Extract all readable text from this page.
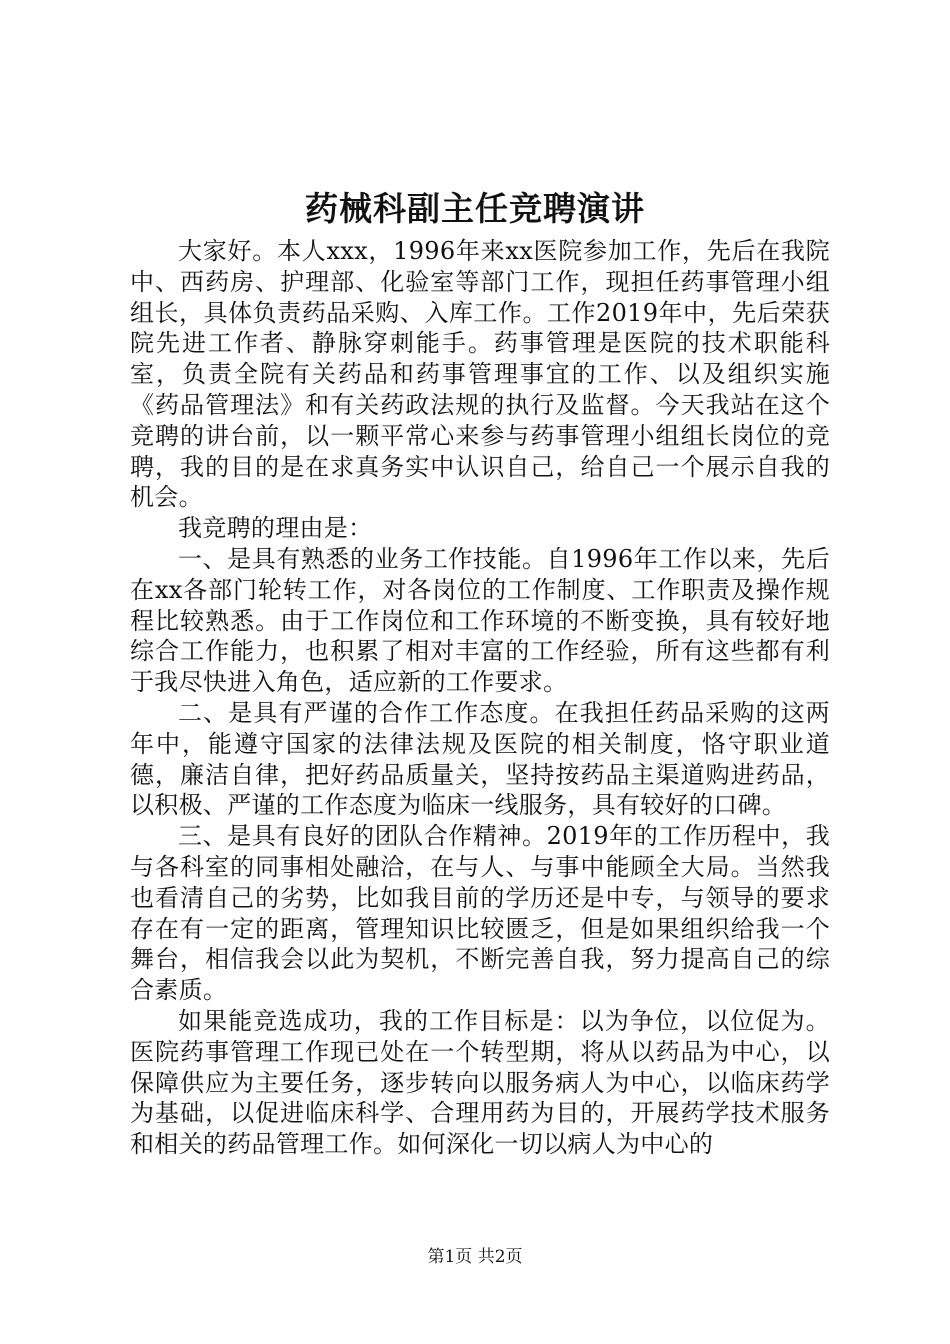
药械科副主任竞聘演讲

大家好。本人xxx，1996年来xx医院参加工作，先后在我院中、西药房、护理部、化验室等部门工作，现担任药事管理小组组长，具体负责药品采购、入库工作。工作2019年中，先后荣获院先进工作者、静脉穿刺能手。药事管理是医院的技术职能科室，负责全院有关药品和药事管理事宜的工作、以及组织实施《药品管理法》和有关药政法规的执行及监督。今天我站在这个竞聘的讲台前，以一颗平常心来参与药事管理小组组长岗位的竞聘，我的目的是在求真务实中认识自己，给自己一个展示自我的机会。

我竞聘的理由是：

一、是具有熟悉的业务工作技能。自1996年工作以来，先后在xx各部门轮转工作，对各岗位的工作制度、工作职责及操作规程比较熟悉。由于工作岗位和工作环境的不断变换，具有较好地综合工作能力，也积累了相对丰富的工作经验，所有这些都有利于我尽快进入角色，适应新的工作要求。

二、是具有严谨的合作工作态度。在我担任药品采购的这两年中，能遵守国家的法律法规及医院的相关制度，恪守职业道德，廉洁自律，把好药品质量关，坚持按药品主渠道购进药品，以积极、严谨的工作态度为临床一线服务，具有较好的口碑。

三、是具有良好的团队合作精神。2019年的工作历程中，我与各科室的同事相处融洽，在与人、与事中能顾全大局。当然我也看清自己的劣势，比如我目前的学历还是中专，与领导的要求存在有一定的距离，管理知识比较匮乏，但是如果组织给我一个舞台，相信我会以此为契机，不断完善自我，努力提高自己的综合素质。

如果能竞选成功，我的工作目标是：以为争位，以位促为。医院药事管理工作现已处在一个转型期，将从以药品为中心，以保障供应为主要任务，逐步转向以服务病人为中心，以临床药学为基础，以促进临床科学、合理用药为目的，开展药学技术服务和相关的药品管理工作。如何深化一切以病人为中心的

第1页 共2页
